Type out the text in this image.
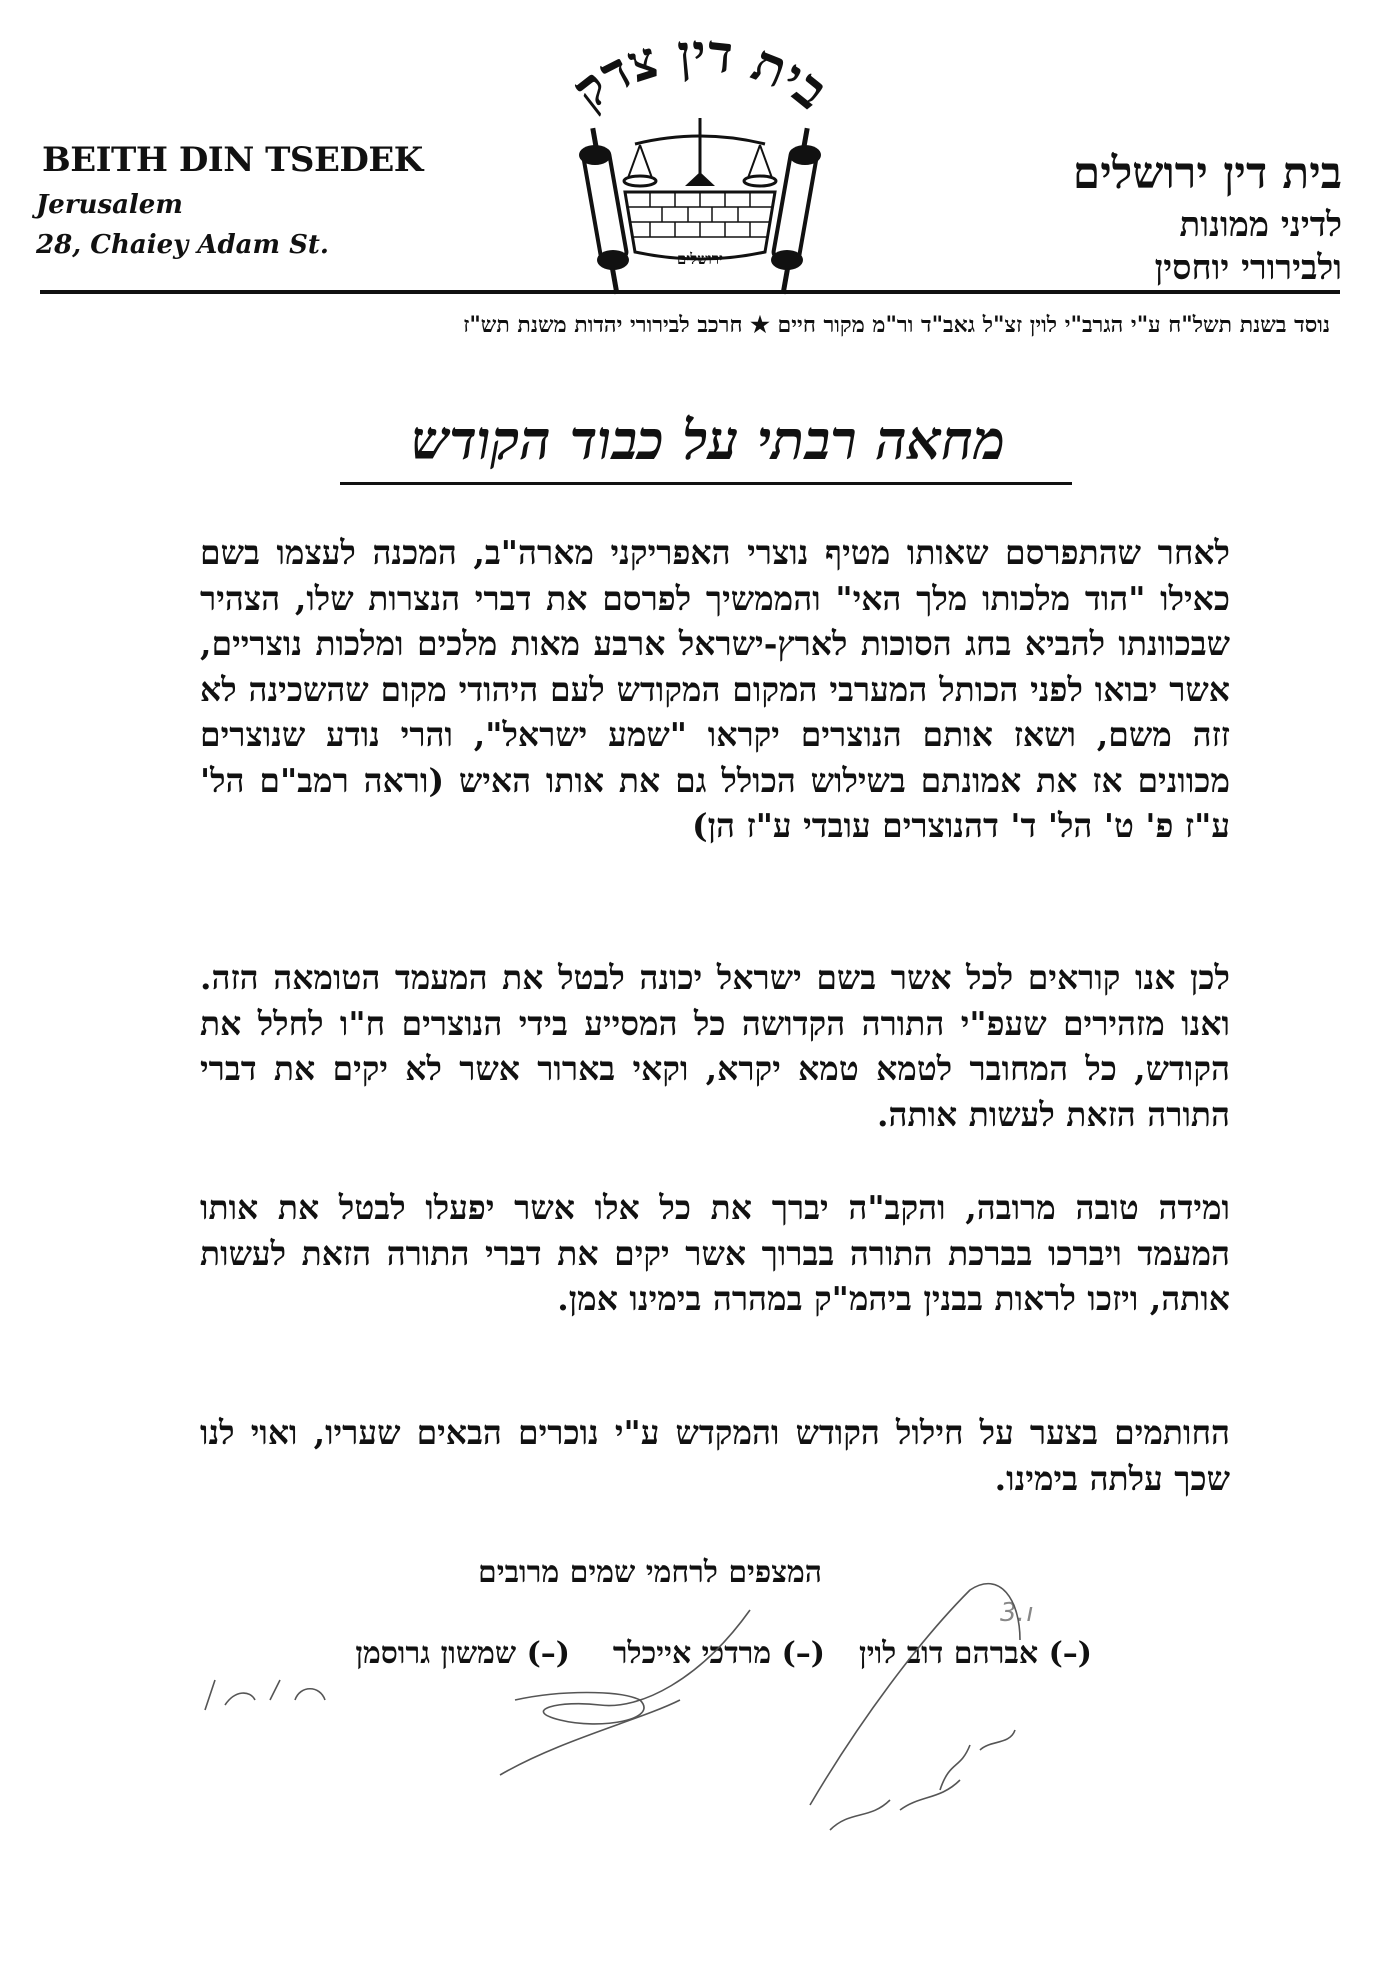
BEITH DIN TSEDEK
Jerusalem
28, Chaiey Adam St.
בית דין צדק
ירושלים
בית דין ירושלים
לדיני ממונות
ולבירורי יוחסין
נוסד בשנת תשל"ח ע"י הגרב"י לוין זצ"ל גאב"ד ור"מ מקור חיים ★ חרכב לבירורי יהדות משנת תש"ז
מחאה רבתי על כבוד הקודש
לאחר שהתפרסם שאותו מטיף נוצרי האפריקני מארה"ב, המכנה לעצמו בשם כאילו "הוד מלכותו מלך האי" והממשיך לפרסם את דברי הנצרות שלו, הצהיר שבכוונתו להביא בחג הסוכות לארץ-ישראל ארבע מאות מלכים ומלכות נוצריים, אשר יבואו לפני הכותל המערבי המקום המקודש לעם היהודי מקום שהשכינה לא זזה משם, ושאז אותם הנוצרים יקראו "שמע ישראל", והרי נודע שנוצרים מכוונים אז את אמונתם בשילוש הכולל גם את אותו האיש (וראה רמב"ם הל' ע"ז פ' ט' הל' ד' דהנוצרים עובדי ע"ז הן)
לכן אנו קוראים לכל אשר בשם ישראל יכונה לבטל את המעמד הטומאה הזה. ואנו מזהירים שעפ"י התורה הקדושה כל המסייע בידי הנוצרים ח"ו לחלל את הקודש, כל המחובר לטמא טמא יקרא, וקאי בארור אשר לא יקים את דברי התורה הזאת לעשות אותה.
ומידה טובה מרובה, והקב"ה יברך את כל אלו אשר יפעלו לבטל את אותו המעמד ויברכו בברכת התורה בברוך אשר יקים את דברי התורה הזאת לעשות אותה, ויזכו לראות בבנין ביהמ"ק במהרה בימינו אמן.
החותמים בצער על חילול הקודש והמקדש ע"י נוכרים הבאים שעריו, ואוי לנו שכך עלתה בימינו.
המצפים לרחמי שמים מרובים
(–) אברהם דוב לוין
(–) מרדכי אייכלר
(–) שמשון גרוסמן
3.ו
